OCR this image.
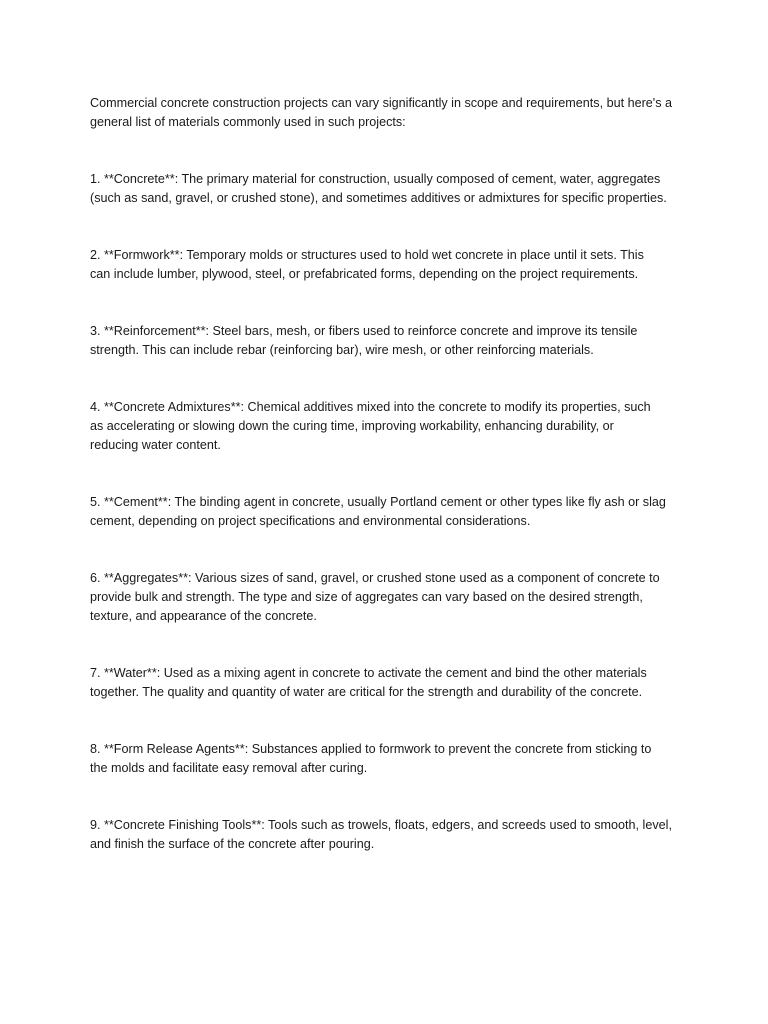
Commercial concrete construction projects can vary significantly in scope and requirements, but here's a
general list of materials commonly used in such projects:

1. **Concrete**: The primary material for construction, usually composed of cement, water, aggregates
(such as sand, gravel, or crushed stone), and sometimes additives or admixtures for specific properties.

2. **Formwork**: Temporary molds or structures used to hold wet concrete in place until it sets. This
can include lumber, plywood, steel, or prefabricated forms, depending on the project requirements.

3. **Reinforcement**: Steel bars, mesh, or fibers used to reinforce concrete and improve its tensile
strength. This can include rebar (reinforcing bar), wire mesh, or other reinforcing materials.

4. **Concrete Admixtures**: Chemical additives mixed into the concrete to modify its properties, such
as accelerating or slowing down the curing time, improving workability, enhancing durability, or
reducing water content.

5. **Cement**: The binding agent in concrete, usually Portland cement or other types like fly ash or slag
cement, depending on project specifications and environmental considerations.

6. **Aggregates**: Various sizes of sand, gravel, or crushed stone used as a component of concrete to
provide bulk and strength. The type and size of aggregates can vary based on the desired strength,
texture, and appearance of the concrete.

7. **Water**: Used as a mixing agent in concrete to activate the cement and bind the other materials
together. The quality and quantity of water are critical for the strength and durability of the concrete.

8. **Form Release Agents**: Substances applied to formwork to prevent the concrete from sticking to
the molds and facilitate easy removal after curing.

9. **Concrete Finishing Tools**: Tools such as trowels, floats, edgers, and screeds used to smooth, level,
and finish the surface of the concrete after pouring.
